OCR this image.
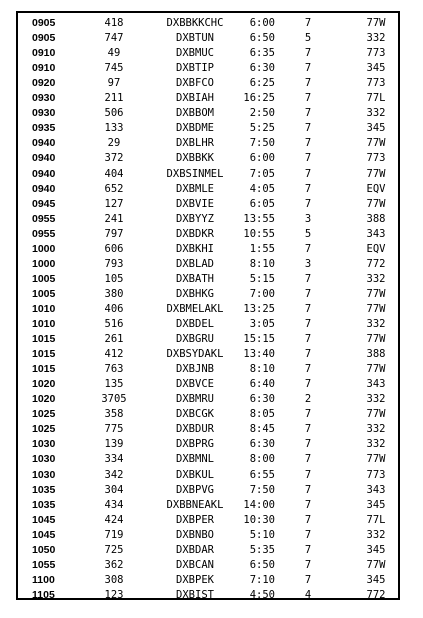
0905	418	DXBBKKCHC	6:00	7	77W
0905	747	DXBTUN	6:50	5	332
0910	49	DXBMUC	6:35	7	773
0910	745	DXBTIP	6:30	7	345
0920	97	DXBFCO	6:25	7	773
0930	211	DXBIAH	16:25	7	77L
0930	506	DXBBOM	2:50	7	332
0935	133	DXBDME	5:25	7	345
0940	29	DXBLHR	7:50	7	77W
0940	372	DXBBKK	6:00	7	773
0940	404	DXBSINMEL	7:05	7	77W
0940	652	DXBMLE	4:05	7	EQV
0945	127	DXBVIE	6:05	7	77W
0955	241	DXBYYZ	13:55	3	388
0955	797	DXBDKR	10:55	5	343
1000	606	DXBKHI	1:55	7	EQV
1000	793	DXBLAD	8:10	3	772
1005	105	DXBATH	5:15	7	332
1005	380	DXBHKG	7:00	7	77W
1010	406	DXBMELAKL	13:25	7	77W
1010	516	DXBDEL	3:05	7	332
1015	261	DXBGRU	15:15	7	77W
1015	412	DXBSYDAKL	13:40	7	388
1015	763	DXBJNB	8:10	7	77W
1020	135	DXBVCE	6:40	7	343
1020	3705	DXBMRU	6:30	2	332
1025	358	DXBCGK	8:05	7	77W
1025	775	DXBDUR	8:45	7	332
1030	139	DXBPRG	6:30	7	332
1030	334	DXBMNL	8:00	7	77W
1030	342	DXBKUL	6:55	7	773
1035	304	DXBPVG	7:50	7	343
1035	434	DXBBNEAKL	14:00	7	345
1045	424	DXBPER	10:30	7	77L
1045	719	DXBNBO	5:10	7	332
1050	725	DXBDAR	5:35	7	345
1055	362	DXBCAN	6:50	7	77W
1100	308	DXBPEK	7:10	7	345
1105	123	DXBIST	4:50	4	772
